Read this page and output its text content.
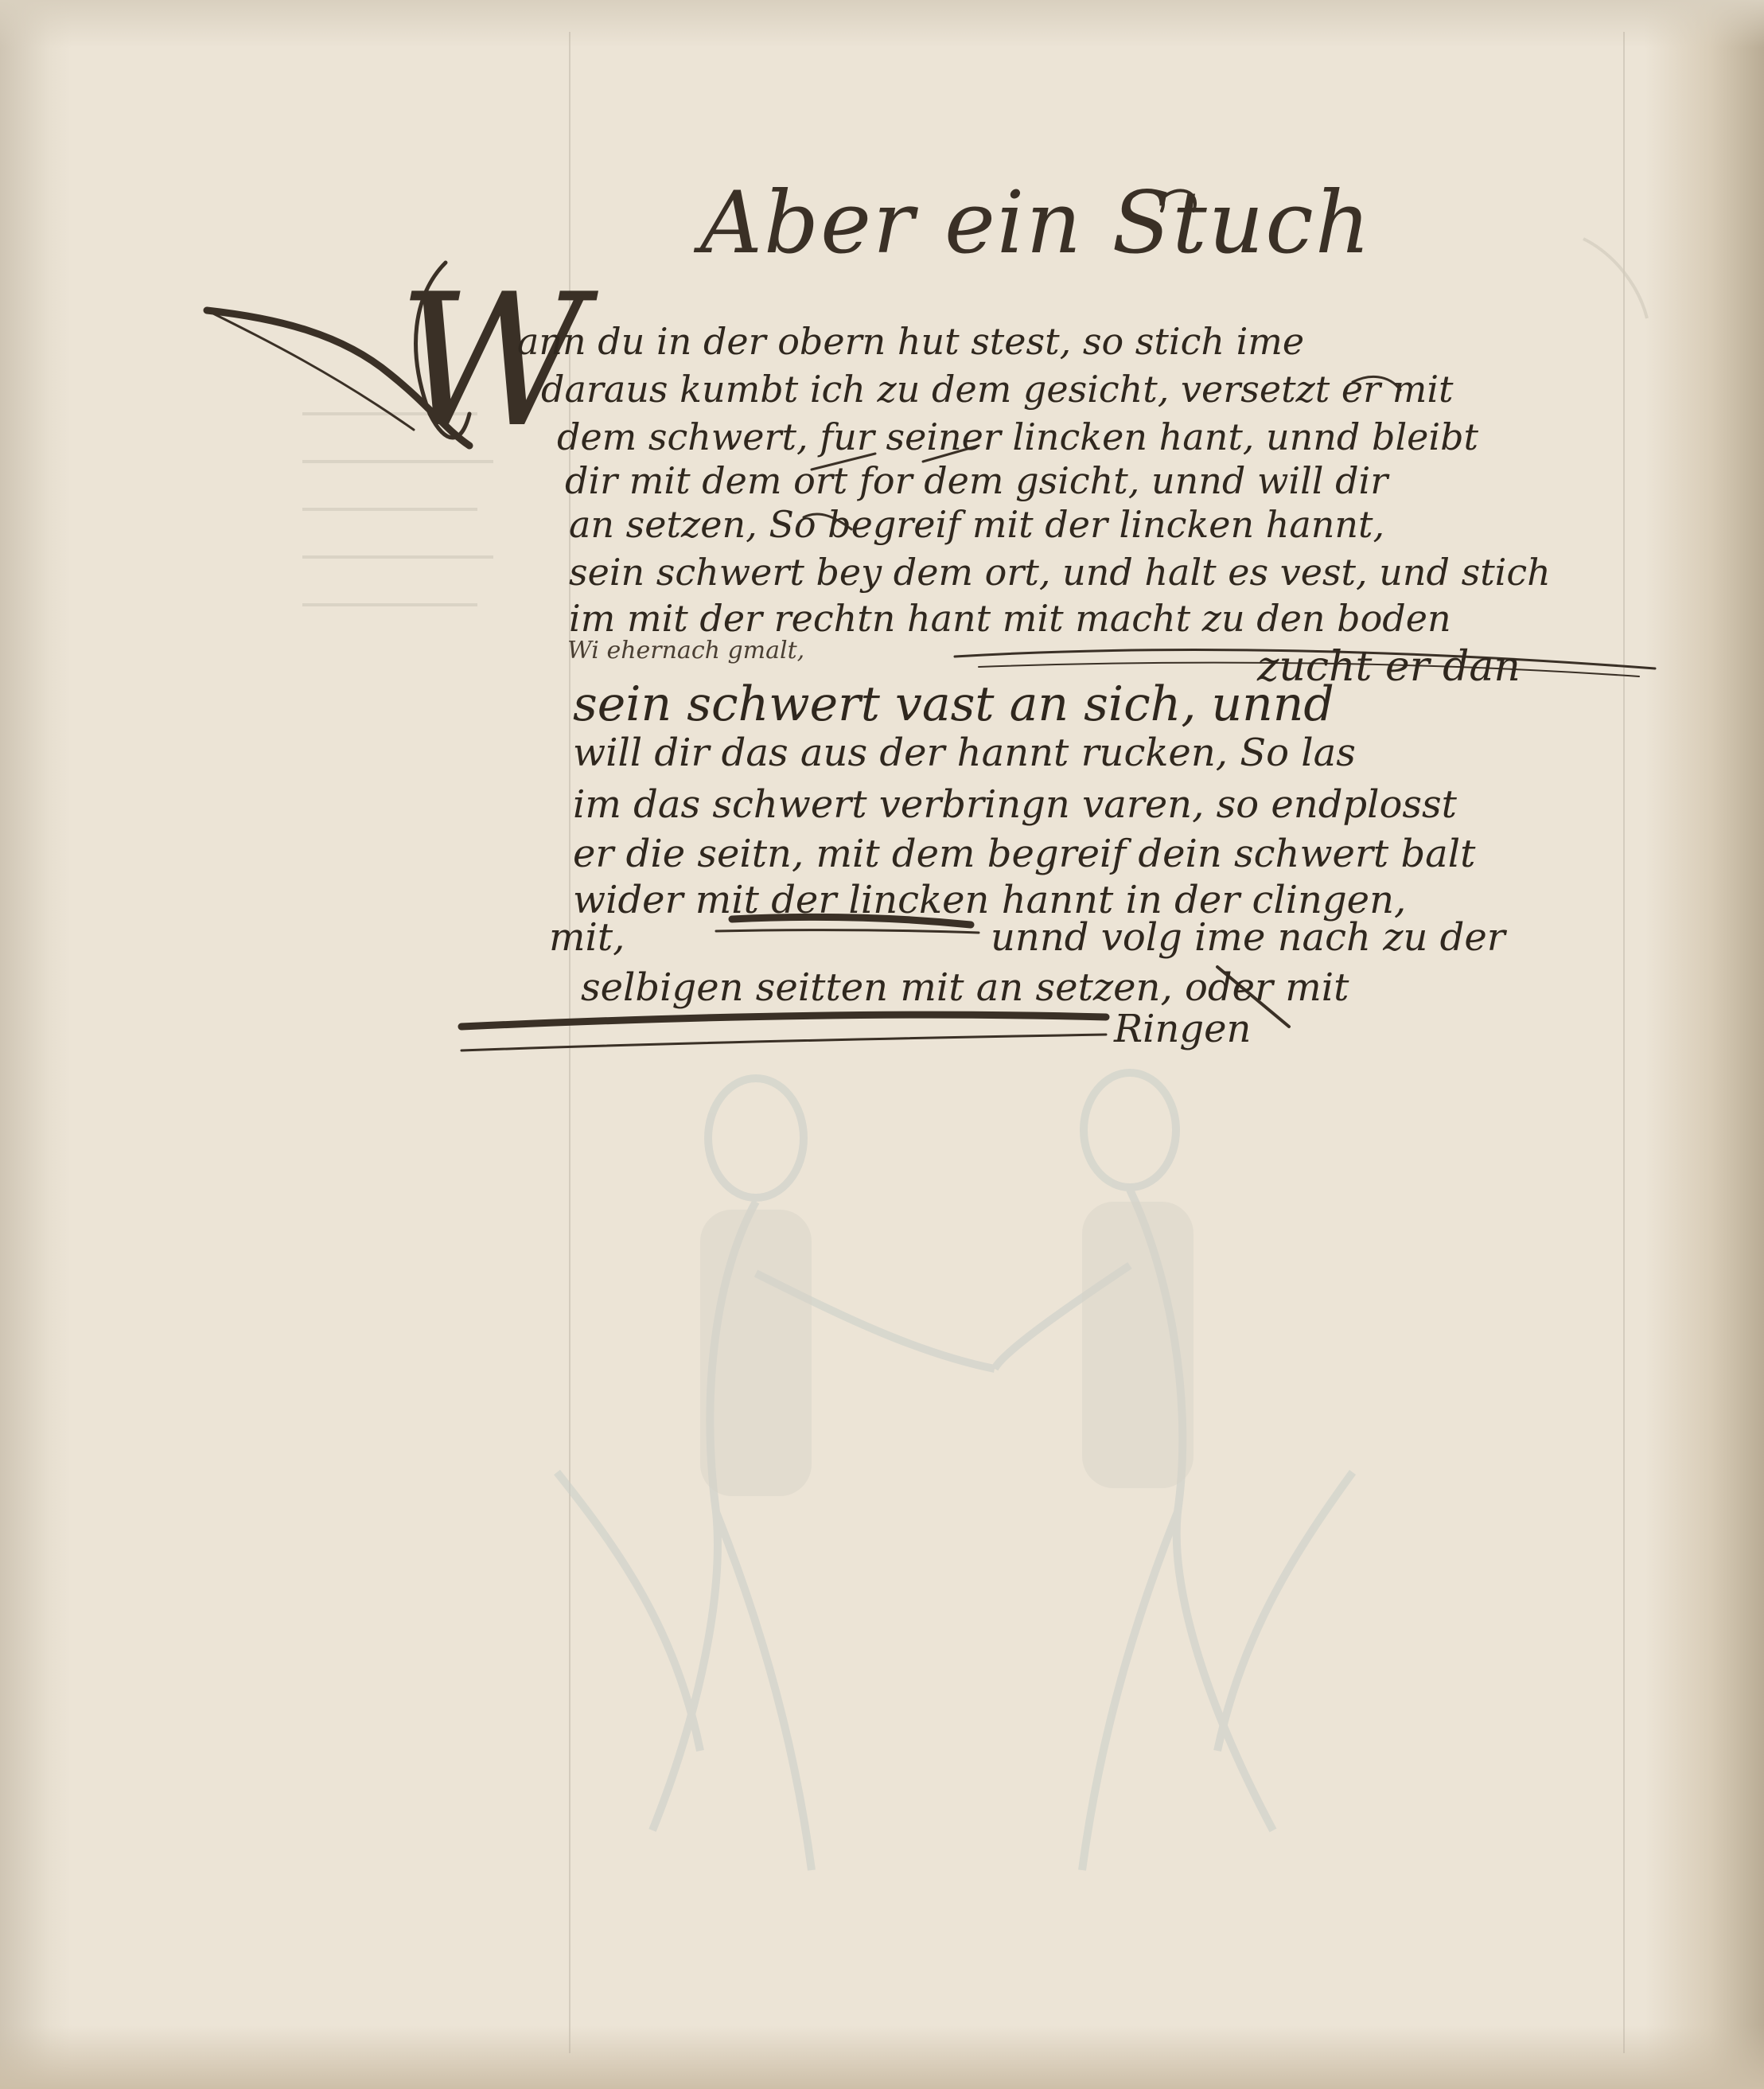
Aber ein Stuch
W
ann du in der obern hut stest, so stich ime
daraus kumbt ich zu dem gesicht, versetzt er mit
dem schwert, fur seiner lincken hant, unnd bleibt
dir mit dem ort for dem gsicht, unnd will dir
an setzen, So begreif mit der lincken hannt,
sein schwert bey dem ort, und halt es vest, und stich
im mit der rechtn hant mit macht zu den boden
Wi ehernach gmalt,	zucht er dan
sein schwert vast an sich, unnd
will dir das aus der hannt rucken, So las
im das schwert verbringn varen, so endplosst
er die seitn, mit dem begreif dein schwert balt
wider mit der lincken hannt in der clingen,
mit,	unnd volg ime nach zu der
selbigen seitten mit an setzen, oder mit
Ringen
